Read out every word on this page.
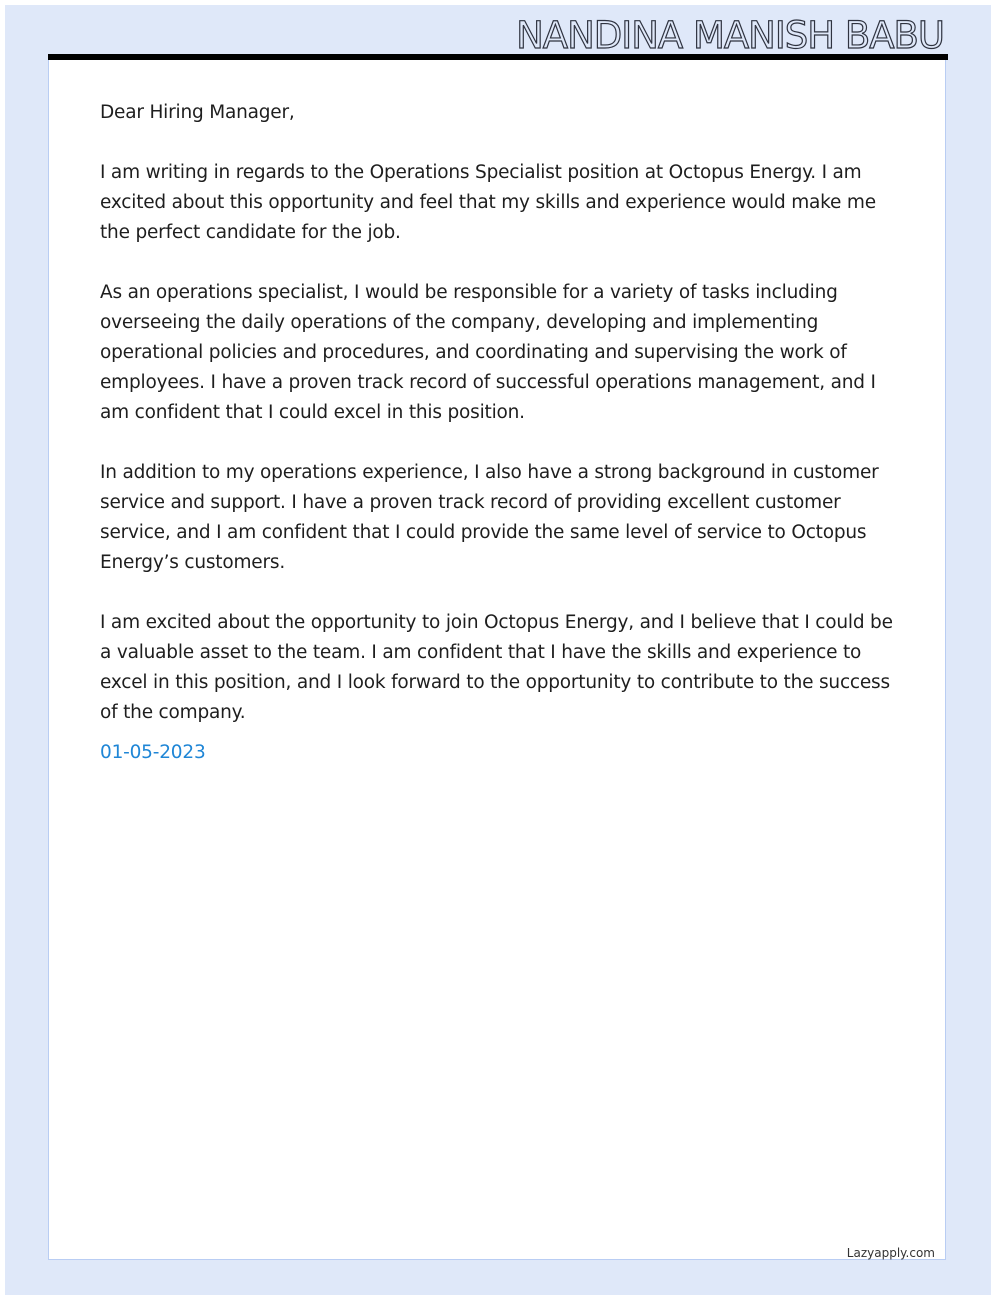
NANDINA MANISH BABU

Dear Hiring Manager,

I am writing in regards to the Operations Specialist position at Octopus Energy. I am excited about this opportunity and feel that my skills and experience would make me the perfect candidate for the job.

As an operations specialist, I would be responsible for a variety of tasks including overseeing the daily operations of the company, developing and implementing operational policies and procedures, and coordinating and supervising the work of employees. I have a proven track record of successful operations management, and I am confident that I could excel in this position.

In addition to my operations experience, I also have a strong background in customer service and support. I have a proven track record of providing excellent customer service, and I am confident that I could provide the same level of service to Octopus Energy’s customers.

I am excited about the opportunity to join Octopus Energy, and I believe that I could be a valuable asset to the team. I am confident that I have the skills and experience to excel in this position, and I look forward to the opportunity to contribute to the success of the company.

01-05-2023
Lazyapply.com
